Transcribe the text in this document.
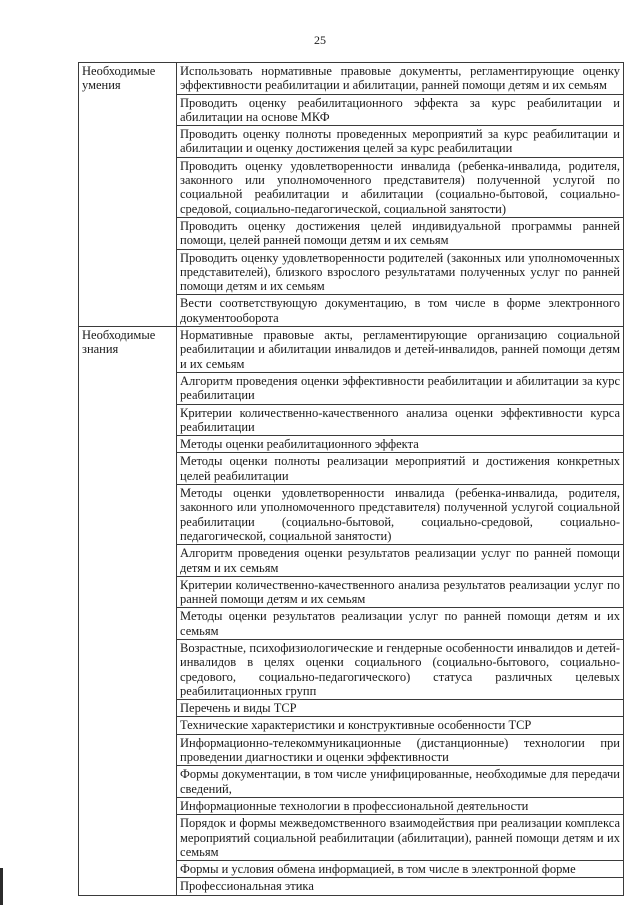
25
Необходимые умения	Использовать нормативные правовые документы, регламентирующие оценку эффективности реабилитации и абилитации, ранней помощи детям и их семьям
	Проводить оценку реабилитационного эффекта за курс реабилитации и абилитации на основе МКФ
	Проводить оценку полноты проведенных мероприятий за курс реабилитации и абилитации и оценку достижения целей за курс реабилитации
	Проводить оценку удовлетворенности инвалида (ребенка-инвалида, родителя, законного или уполномоченного представителя) полученной услугой по социальной реабилитации и абилитации (социально-бытовой, социально-средовой, социально-педагогической, социальной занятости)
	Проводить оценку достижения целей индивидуальной программы ранней помощи, целей ранней помощи детям и их семьям
	Проводить оценку удовлетворенности родителей (законных или уполномоченных представителей), близкого взрослого результатами полученных услуг по ранней помощи детям и их семьям
	Вести соответствующую документацию, в том числе в форме электронного документооборота
Необходимые знания	Нормативные правовые акты, регламентирующие организацию социальной реабилитации и абилитации инвалидов и детей-инвалидов, ранней помощи детям и их семьям
	Алгоритм проведения оценки эффективности реабилитации и абилитации за курс реабилитации
	Критерии количественно-качественного анализа оценки эффективности курса реабилитации
	Методы оценки реабилитационного эффекта
	Методы оценки полноты реализации мероприятий и достижения конкретных целей реабилитации
	Методы оценки удовлетворенности инвалида (ребенка-инвалида, родителя, законного или уполномоченного представителя) полученной услугой социальной реабилитации (социально-бытовой, социально-средовой, социально-педагогической, социальной занятости)
	Алгоритм проведения оценки результатов реализации услуг по ранней помощи детям и их семьям
	Критерии количественно-качественного анализа результатов реализации услуг по ранней помощи детям и их семьям
	Методы оценки результатов реализации услуг по ранней помощи детям и их семьям
	Возрастные, психофизиологические и гендерные особенности инвалидов и детей-инвалидов в целях оценки социального (социально-бытового, социально-средового, социально-педагогического) статуса различных целевых реабилитационных групп
	Перечень и виды ТСР
	Технические характеристики и конструктивные особенности ТСР
	Информационно-телекоммуникационные (дистанционные) технологии при проведении диагностики и оценки эффективности
	Формы документации, в том числе унифицированные, необходимые для передачи сведений,
	Информационные технологии в профессиональной деятельности
	Порядок и формы межведомственного взаимодействия при реализации комплекса мероприятий социальной реабилитации (абилитации), ранней помощи детям и их семьям
	Формы и условия обмена информацией, в том числе в электронной форме
	Профессиональная этика
